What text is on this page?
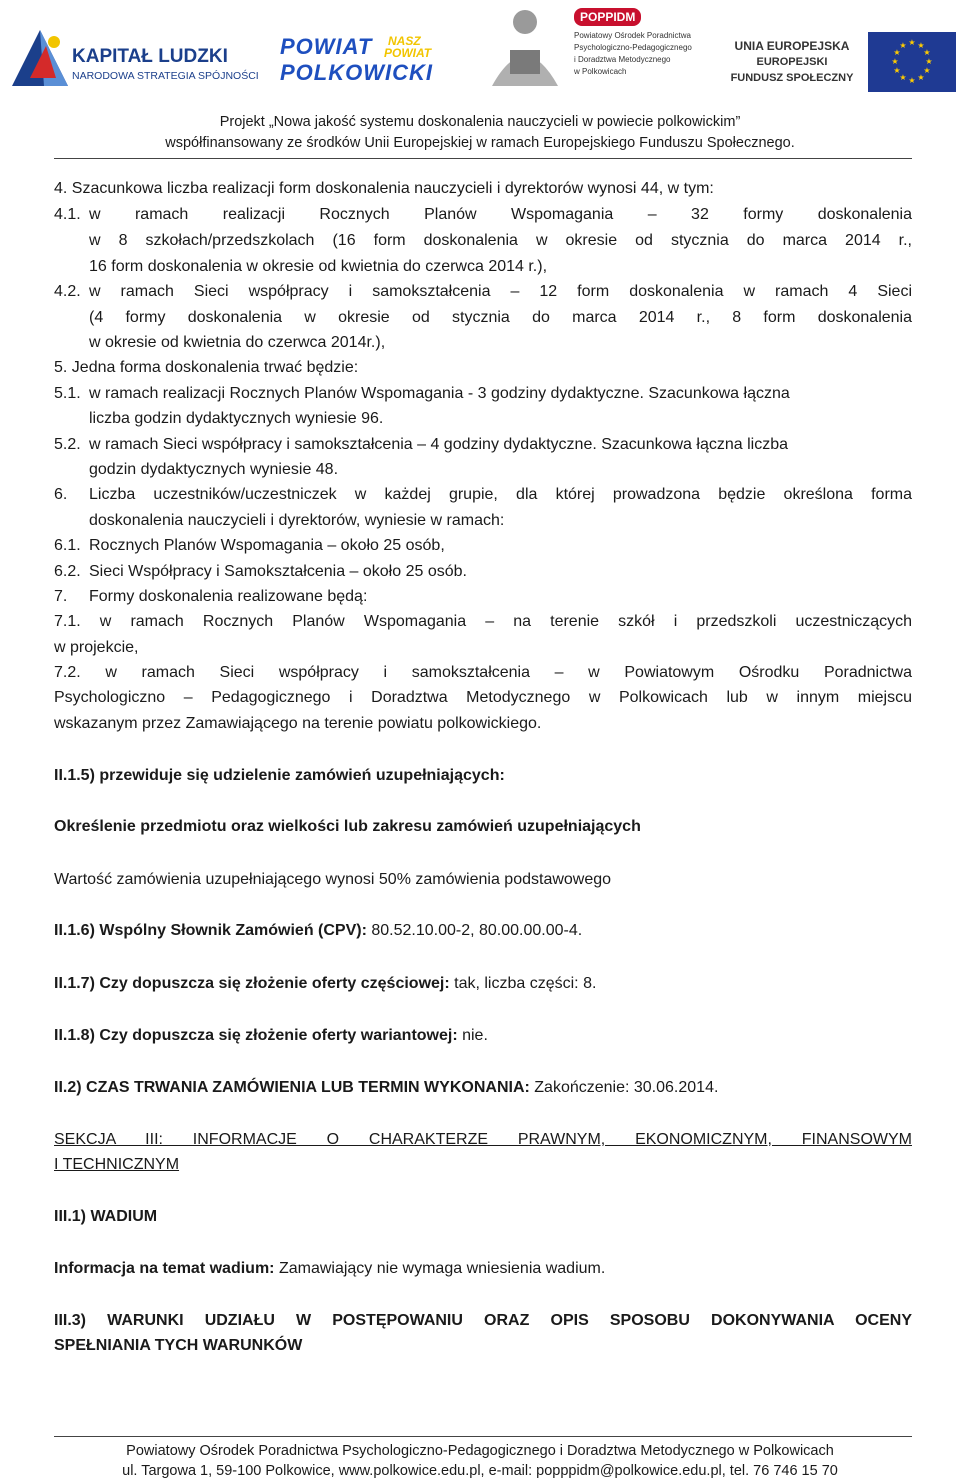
KAPITAŁ LUDZKI
NARODOWA STRATEGIA SPÓJNOŚCI
POWIAT
POLKOWICKI
NASZ
POWIAT
POPPIDM
Powiatowy Ośrodek Poradnictwa
Psychologiczno-Pedagogicznego
i Doradztwa Metodycznego
w Polkowicach
UNIA EUROPEJSKA
EUROPEJSKI
FUNDUSZ SPOŁECZNY
★ ★
★
★
★
★
★
★
★
★
★
★
Projekt „Nowa jakość systemu doskonalenia nauczycieli w powiecie polkowickim”
współfinansowany ze środków Unii Europejskiej w ramach Europejskiego Funduszu Społecznego.
4. Szacunkowa liczba realizacji form doskonalenia nauczycieli i dyrektorów wynosi 44, w tym:
4.1. w ramach realizacji Rocznych Planów Wspomagania – 32 formy doskonalenia
w 8 szkołach/przedszkolach (16 form doskonalenia w okresie od stycznia do marca 2014 r.,
16 form doskonalenia w okresie od kwietnia do czerwca 2014 r.),
4.2. w ramach Sieci współpracy i samokształcenia – 12 form doskonalenia w ramach 4 Sieci
(4 formy doskonalenia w okresie od stycznia do marca 2014 r., 8 form doskonalenia
w okresie od kwietnia do czerwca 2014r.),
5. Jedna forma doskonalenia trwać będzie:
5.1. w ramach realizacji Rocznych Planów Wspomagania - 3 godziny dydaktyczne. Szacunkowa łączna
liczba godzin dydaktycznych wyniesie 96.
5.2. w ramach Sieci współpracy i samokształcenia – 4 godziny dydaktyczne. Szacunkowa łączna liczba
godzin dydaktycznych wyniesie 48.
6. Liczba uczestników/uczestniczek w każdej grupie, dla której prowadzona będzie określona forma
doskonalenia nauczycieli i dyrektorów, wyniesie w ramach:
6.1. Rocznych Planów Wspomagania – około 25 osób,
6.2. Sieci Współpracy i Samokształcenia – około 25 osób.
7. Formy doskonalenia realizowane będą:
7.1. w ramach Rocznych Planów Wspomagania – na terenie szkół i przedszkoli uczestniczących
w projekcie,
7.2. w ramach Sieci współpracy i samokształcenia – w Powiatowym Ośrodku Poradnictwa
Psychologiczno – Pedagogicznego i Doradztwa Metodycznego w Polkowicach lub w innym miejscu
wskazanym przez Zamawiającego na terenie powiatu polkowickiego.
II.1.5) przewiduje się udzielenie zamówień uzupełniających:
Określenie przedmiotu oraz wielkości lub zakresu zamówień uzupełniających
Wartość zamówienia uzupełniającego wynosi 50% zamówienia podstawowego
II.1.6) Wspólny Słownik Zamówień (CPV): 80.52.10.00-2, 80.00.00.00-4.
II.1.7) Czy dopuszcza się złożenie oferty częściowej: tak, liczba części: 8.
II.1.8) Czy dopuszcza się złożenie oferty wariantowej: nie.
II.2) CZAS TRWANIA ZAMÓWIENIA LUB TERMIN WYKONANIA: Zakończenie: 30.06.2014.
SEKCJA III: INFORMACJE O CHARAKTERZE PRAWNYM, EKONOMICZNYM, FINANSOWYM
I TECHNICZNYM
III.1) WADIUM
Informacja na temat wadium: Zamawiający nie wymaga wniesienia wadium.
III.3) WARUNKI UDZIAŁU W POSTĘPOWANIU ORAZ OPIS SPOSOBU DOKONYWANIA OCENY
SPEŁNIANIA TYCH WARUNKÓW
Powiatowy Ośrodek Poradnictwa Psychologiczno-Pedagogicznego i Doradztwa Metodycznego w Polkowicach
ul. Targowa 1, 59-100 Polkowice, www.polkowice.edu.pl, e-mail: popppidm@polkowice.edu.pl, tel. 76 746 15 70
